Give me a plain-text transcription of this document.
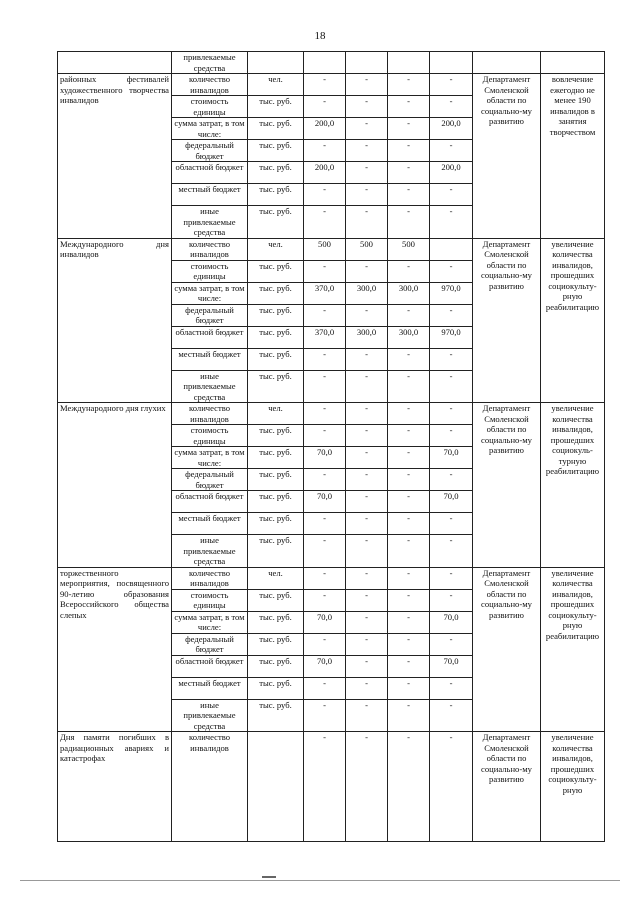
18
	привлекаемые средства							
районных фестивалей художественного творчества инвалидов	количество инвалидов	чел.	-	-	-	-	Департамент Смоленской области по социально-му развитию	вовлечение ежегодно не менее 190 инвалидов в занятия творчеством
	стоимость единицы	тыс. руб.	-	-	-	-		
	сумма затрат, в том числе:	тыс. руб.	200,0	-	-	200,0		
	федеральный бюджет	тыс. руб.	-	-	-	-		
	областной бюджет	тыс. руб.	200,0	-	-	200,0		
	местный бюджет	тыс. руб.	-	-	-	-		
	иные привлекаемые средства	тыс. руб.	-	-	-	-		
Международного дня инвалидов	количество инвалидов	чел.	500	500	500		Департамент Смоленской области по социально-му развитию	увеличение количества инвалидов, прошедших социокульту-рную реабилитацию
	стоимость единицы	тыс. руб.	-	-	-	-		
	сумма затрат, в том числе:	тыс. руб.	370,0	300,0	300,0	970,0		
	федеральный бюджет	тыс. руб.	-	-	-	-		
	областной бюджет	тыс. руб.	370,0	300,0	300,0	970,0		
	местный бюджет	тыс. руб.	-	-	-	-		
	иные привлекаемые средства	тыс. руб.	-	-	-	-		
Международного дня глухих	количество инвалидов	чел.	-	-	-	-	Департамент Смоленской области по социально-му развитию	увеличение количества инвалидов, прошедших социокуль-турную реабилитацию
	стоимость единицы	тыс. руб.	-	-	-	-		
	сумма затрат, в том числе:	тыс. руб.	70,0	-	-	70,0		
	федеральный бюджет	тыс. руб.	-	-	-	-		
	областной бюджет	тыс. руб.	70,0	-	-	70,0		
	местный бюджет	тыс. руб.	-	-	-	-		
	иные привлекаемые средства	тыс. руб.	-	-	-	-		
торжественного мероприятия, посвященного 90-летию образования Всероссийского общества слепых	количество инвалидов	чел.	-	-	-	-	Департамент Смоленской области по социально-му развитию	увеличение количества инвалидов, прошедших социокульту-рную реабилитацию
	стоимость единицы	тыс. руб.	-	-	-	-		
	сумма затрат, в том числе:	тыс. руб.	70,0	-	-	70,0		
	федеральный бюджет	тыс. руб.	-	-	-	-		
	областной бюджет	тыс. руб.	70,0	-	-	70,0		
	местный бюджет	тыс. руб.	-	-	-	-		
	иные привлекаемые средства	тыс. руб.	-	-	-	-		
Дня памяти погибших в радиационных авариях и катастрофах	количество инвалидов		-	-	-	-	Департамент Смоленской области по социально-му развитию	увеличение количества инвалидов, прошедших социокульту-рную
